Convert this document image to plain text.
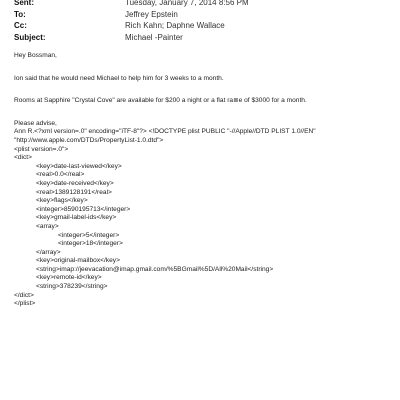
Sent:	Tuesday, January 7, 2014 8:56 PM
To:	Jeffrey Epstein
Cc:	Rich Kahn; Daphne Wallace
Subject:	Michael -Painter
Hey Bossman,
Ion said that he would need Michael to help him for 3 weeks to a month.
Rooms at Sapphire "Crystal Cove" are available for $200 a night or a flat ra≣e of $3000 for a month.
Please advise,
Ann R.<?xml version=.0" encoding="iTF-8"?> <!DOCTYPE plist PUBLIC "-//Apple//DTD PLIST 1.0//EN"
"http://www.apple.com/DTDs/PropertyList-1.0.dtd">
<plist version=.0">
<dict>
<key>date-last-viewed</key>
<real>0.0</real>
<key>date-received</key>
<real>1389128191</real>
<key>flags</key>
<integer>8590195713</integer>
<key>gmail-label-ids</key>
<array>
<integer>5</integer>
<integer>18</integer>
</array>
<key>original-mailbox</key>
<string>imap://jeevacation@imap.gmail.com/%5BGmail%5D/All%20Mail</string>
<key>remote-id</key>
<string>378239</string>
</dict>
</plist>
